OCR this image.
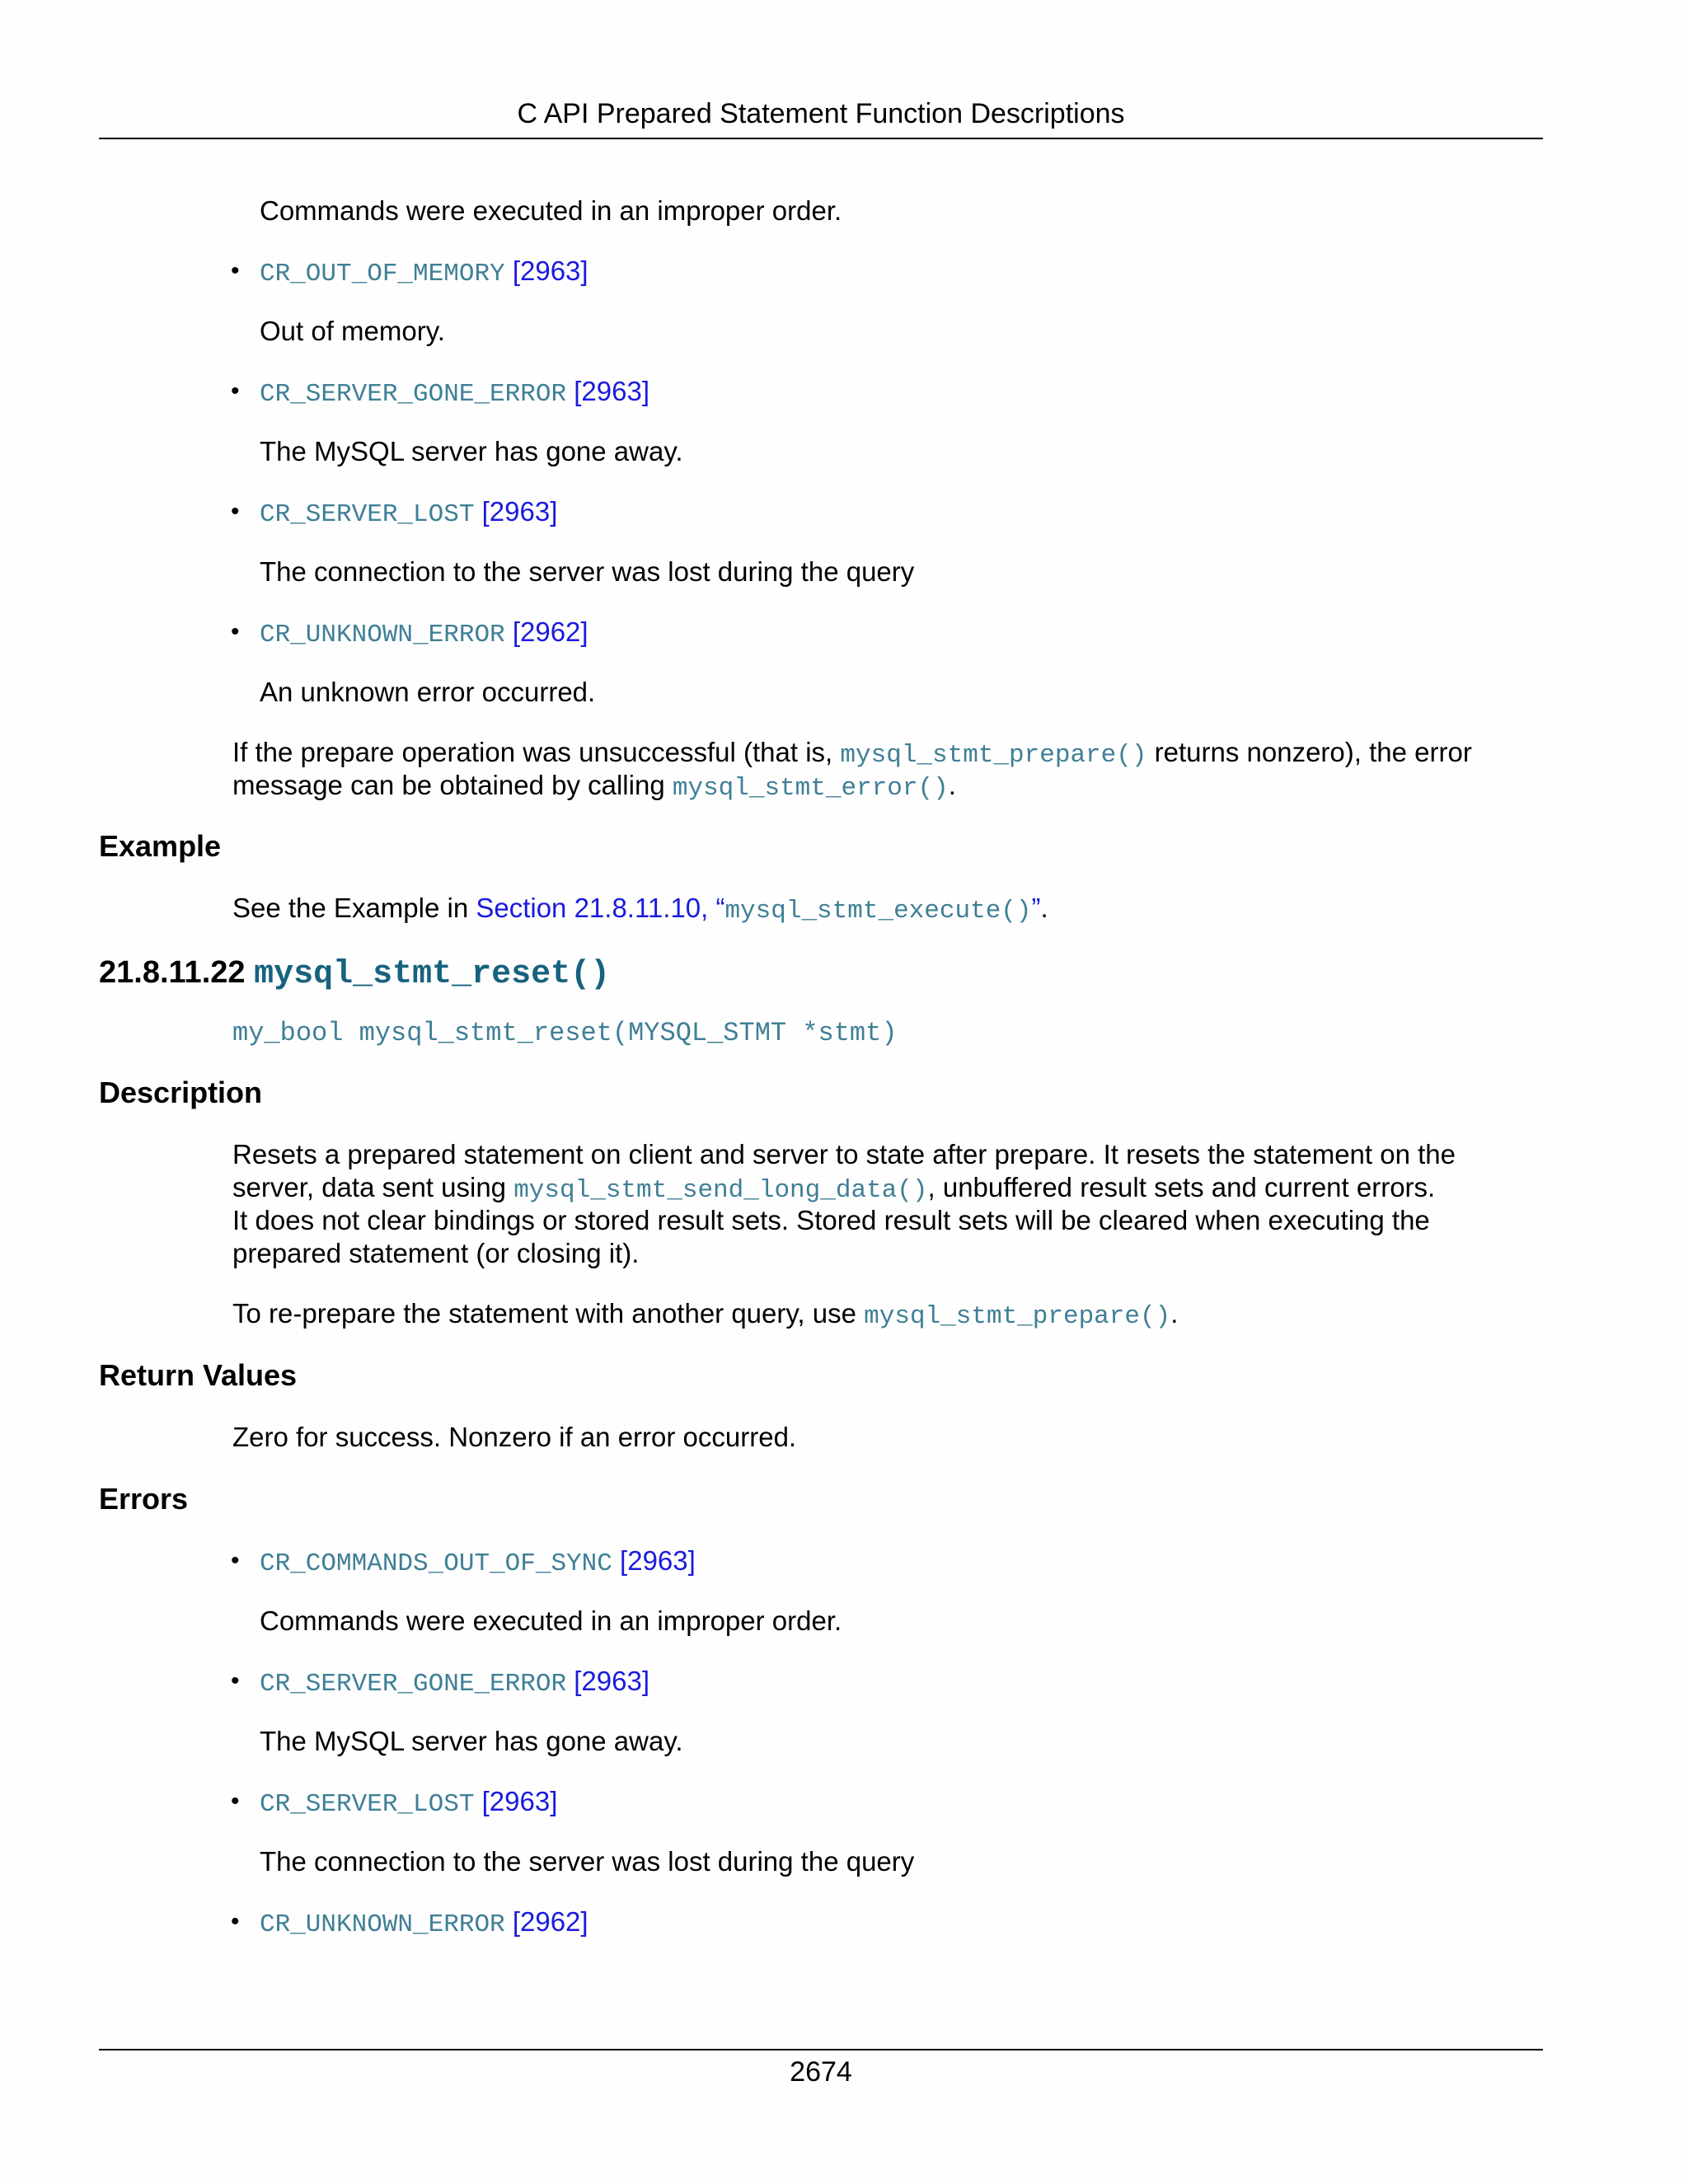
C API Prepared Statement Function Descriptions
Commands were executed in an improper order.
• CR_OUT_OF_MEMORY [2963]
Out of memory.
• CR_SERVER_GONE_ERROR [2963]
The MySQL server has gone away.
• CR_SERVER_LOST [2963]
The connection to the server was lost during the query
• CR_UNKNOWN_ERROR [2962]
An unknown error occurred.
If the prepare operation was unsuccessful (that is, mysql_stmt_prepare() returns nonzero), the error
message can be obtained by calling mysql_stmt_error().
Example
See the Example in Section 21.8.11.10, “mysql_stmt_execute()”.
21.8.11.22 mysql_stmt_reset()
my_bool mysql_stmt_reset(MYSQL_STMT *stmt)
Description
Resets a prepared statement on client and server to state after prepare. It resets the statement on the
server, data sent using mysql_stmt_send_long_data(), unbuffered result sets and current errors.
It does not clear bindings or stored result sets. Stored result sets will be cleared when executing the
prepared statement (or closing it).
To re-prepare the statement with another query, use mysql_stmt_prepare().
Return Values
Zero for success. Nonzero if an error occurred.
Errors
• CR_COMMANDS_OUT_OF_SYNC [2963]
Commands were executed in an improper order.
• CR_SERVER_GONE_ERROR [2963]
The MySQL server has gone away.
• CR_SERVER_LOST [2963]
The connection to the server was lost during the query
• CR_UNKNOWN_ERROR [2962]
2674
